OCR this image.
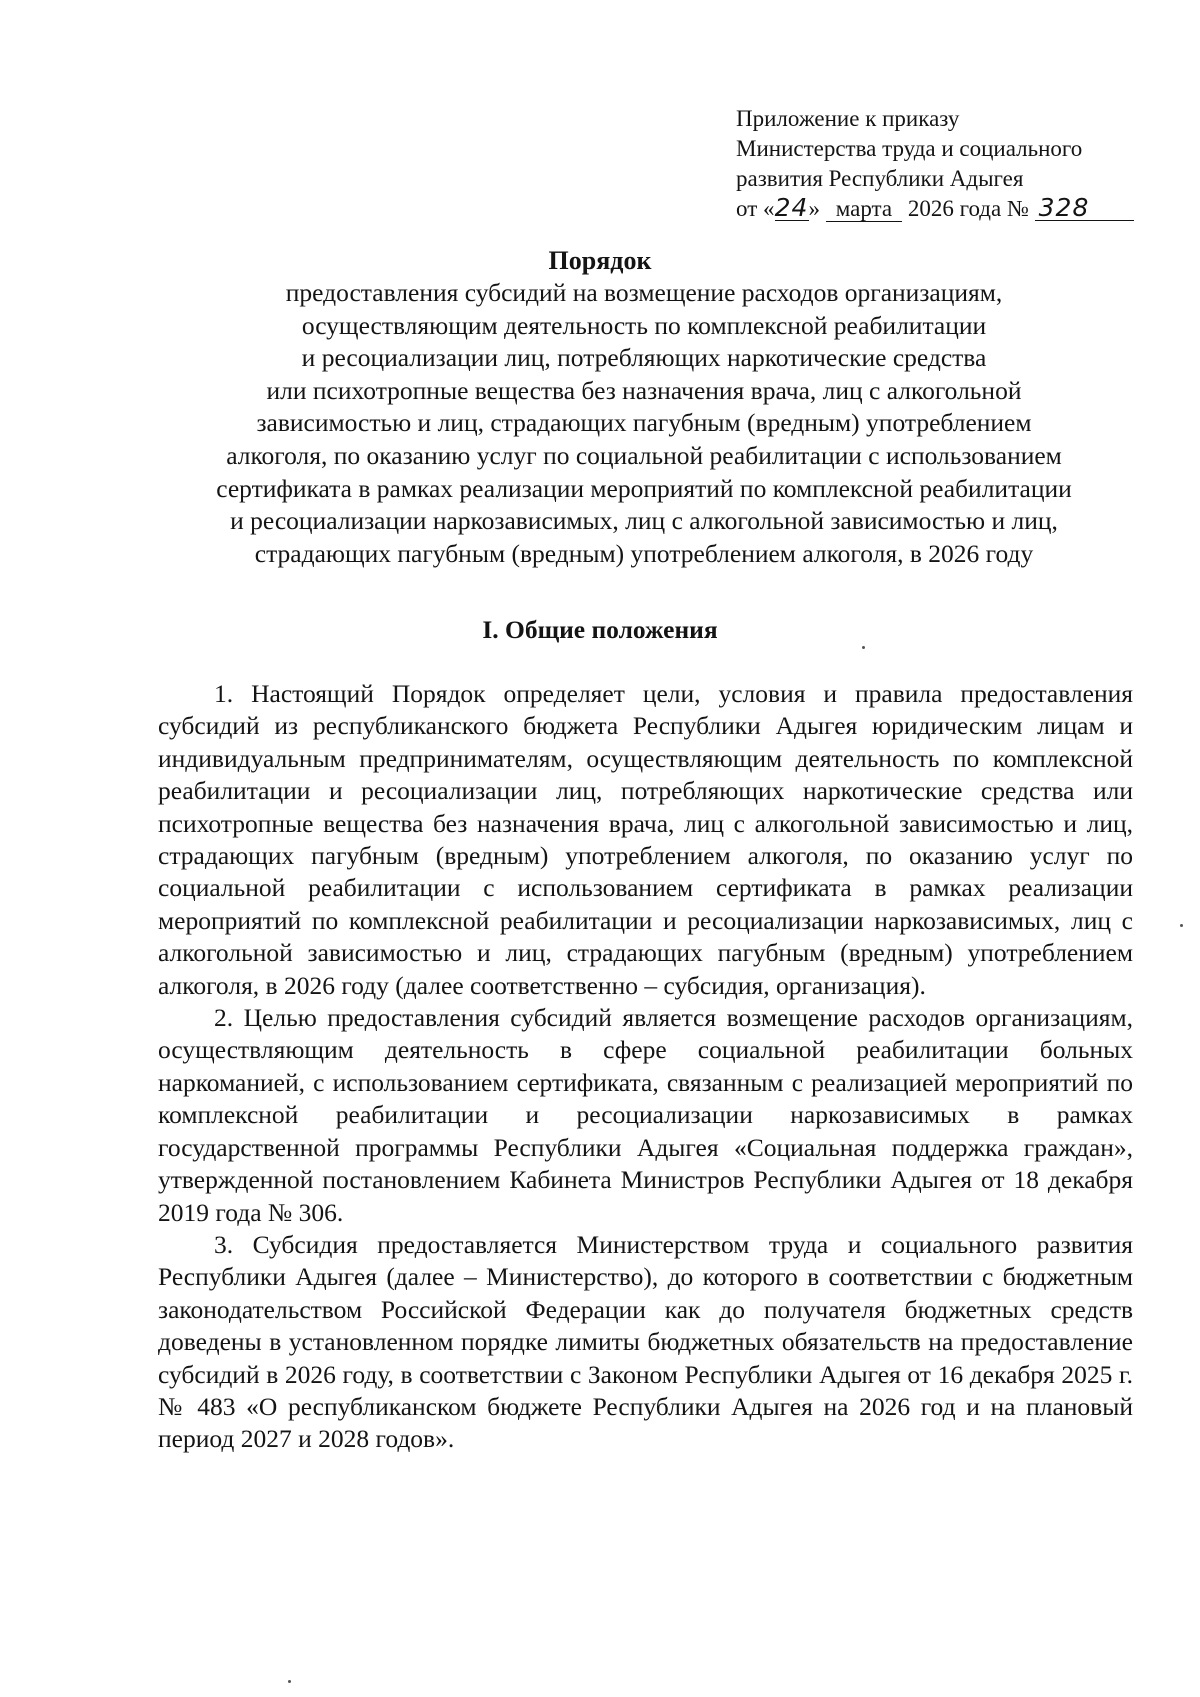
Приложение к приказу
Министерства труда и социального
развития Республики Адыгея
от «24» марта 2026 года № 328
Порядок
предоставления субсидий на возмещение расходов организациям,
осуществляющим деятельность по комплексной реабилитации
и ресоциализации лиц, потребляющих наркотические средства
или психотропные вещества без назначения врача, лиц с алкогольной
зависимостью и лиц, страдающих пагубным (вредным) употреблением
алкоголя, по оказанию услуг по социальной реабилитации с использованием
сертификата в рамках реализации мероприятий по комплексной реабилитации
и ресоциализации наркозависимых, лиц с алкогольной зависимостью и лиц,
страдающих пагубным (вредным) употреблением алкоголя, в 2026 году
I. Общие положения

1. Настоящий Порядок определяет цели, условия и правила предоставления субсидий из республиканского бюджета Республики Адыгея юридическим лицам и индивидуальным предпринимателям, осуществляющим деятельность по комплексной реабилитации и ресоциализации лиц, потребляющих наркотические средства или психотропные вещества без назначения врача, лиц с алкогольной зависимостью и лиц, страдающих пагубным (вредным) употреблением алкоголя, по оказанию услуг по социальной реабилитации с использованием сертификата в рамках реализации мероприятий по комплексной реабилитации и ресоциализации наркозависимых, лиц с алкогольной зависимостью и лиц, страдающих пагубным (вредным) употреблением алкоголя, в 2026 году (далее соответственно – субсидия, организация).

2. Целью предоставления субсидий является возмещение расходов организациям, осуществляющим деятельность в сфере социальной реабилитации больных наркоманией, с использованием сертификата, связанным с реализацией мероприятий по комплексной реабилитации и ресоциализации наркозависимых в рамках государственной программы Республики Адыгея «Социальная поддержка граждан», утвержденной постановлением Кабинета Министров Республики Адыгея от 18 декабря 2019 года № 306.

3. Субсидия предоставляется Министерством труда и социального развития Республики Адыгея (далее – Министерство), до которого в соответствии с бюджетным законодательством Российской Федерации как до получателя бюджетных средств доведены в установленном порядке лимиты бюджетных обязательств на предоставление субсидий в 2026 году, в соответствии с Законом Республики Адыгея от 16 декабря 2025 г. № 483 «О республиканском бюджете Республики Адыгея на 2026 год и на плановый период 2027 и 2028 годов».
